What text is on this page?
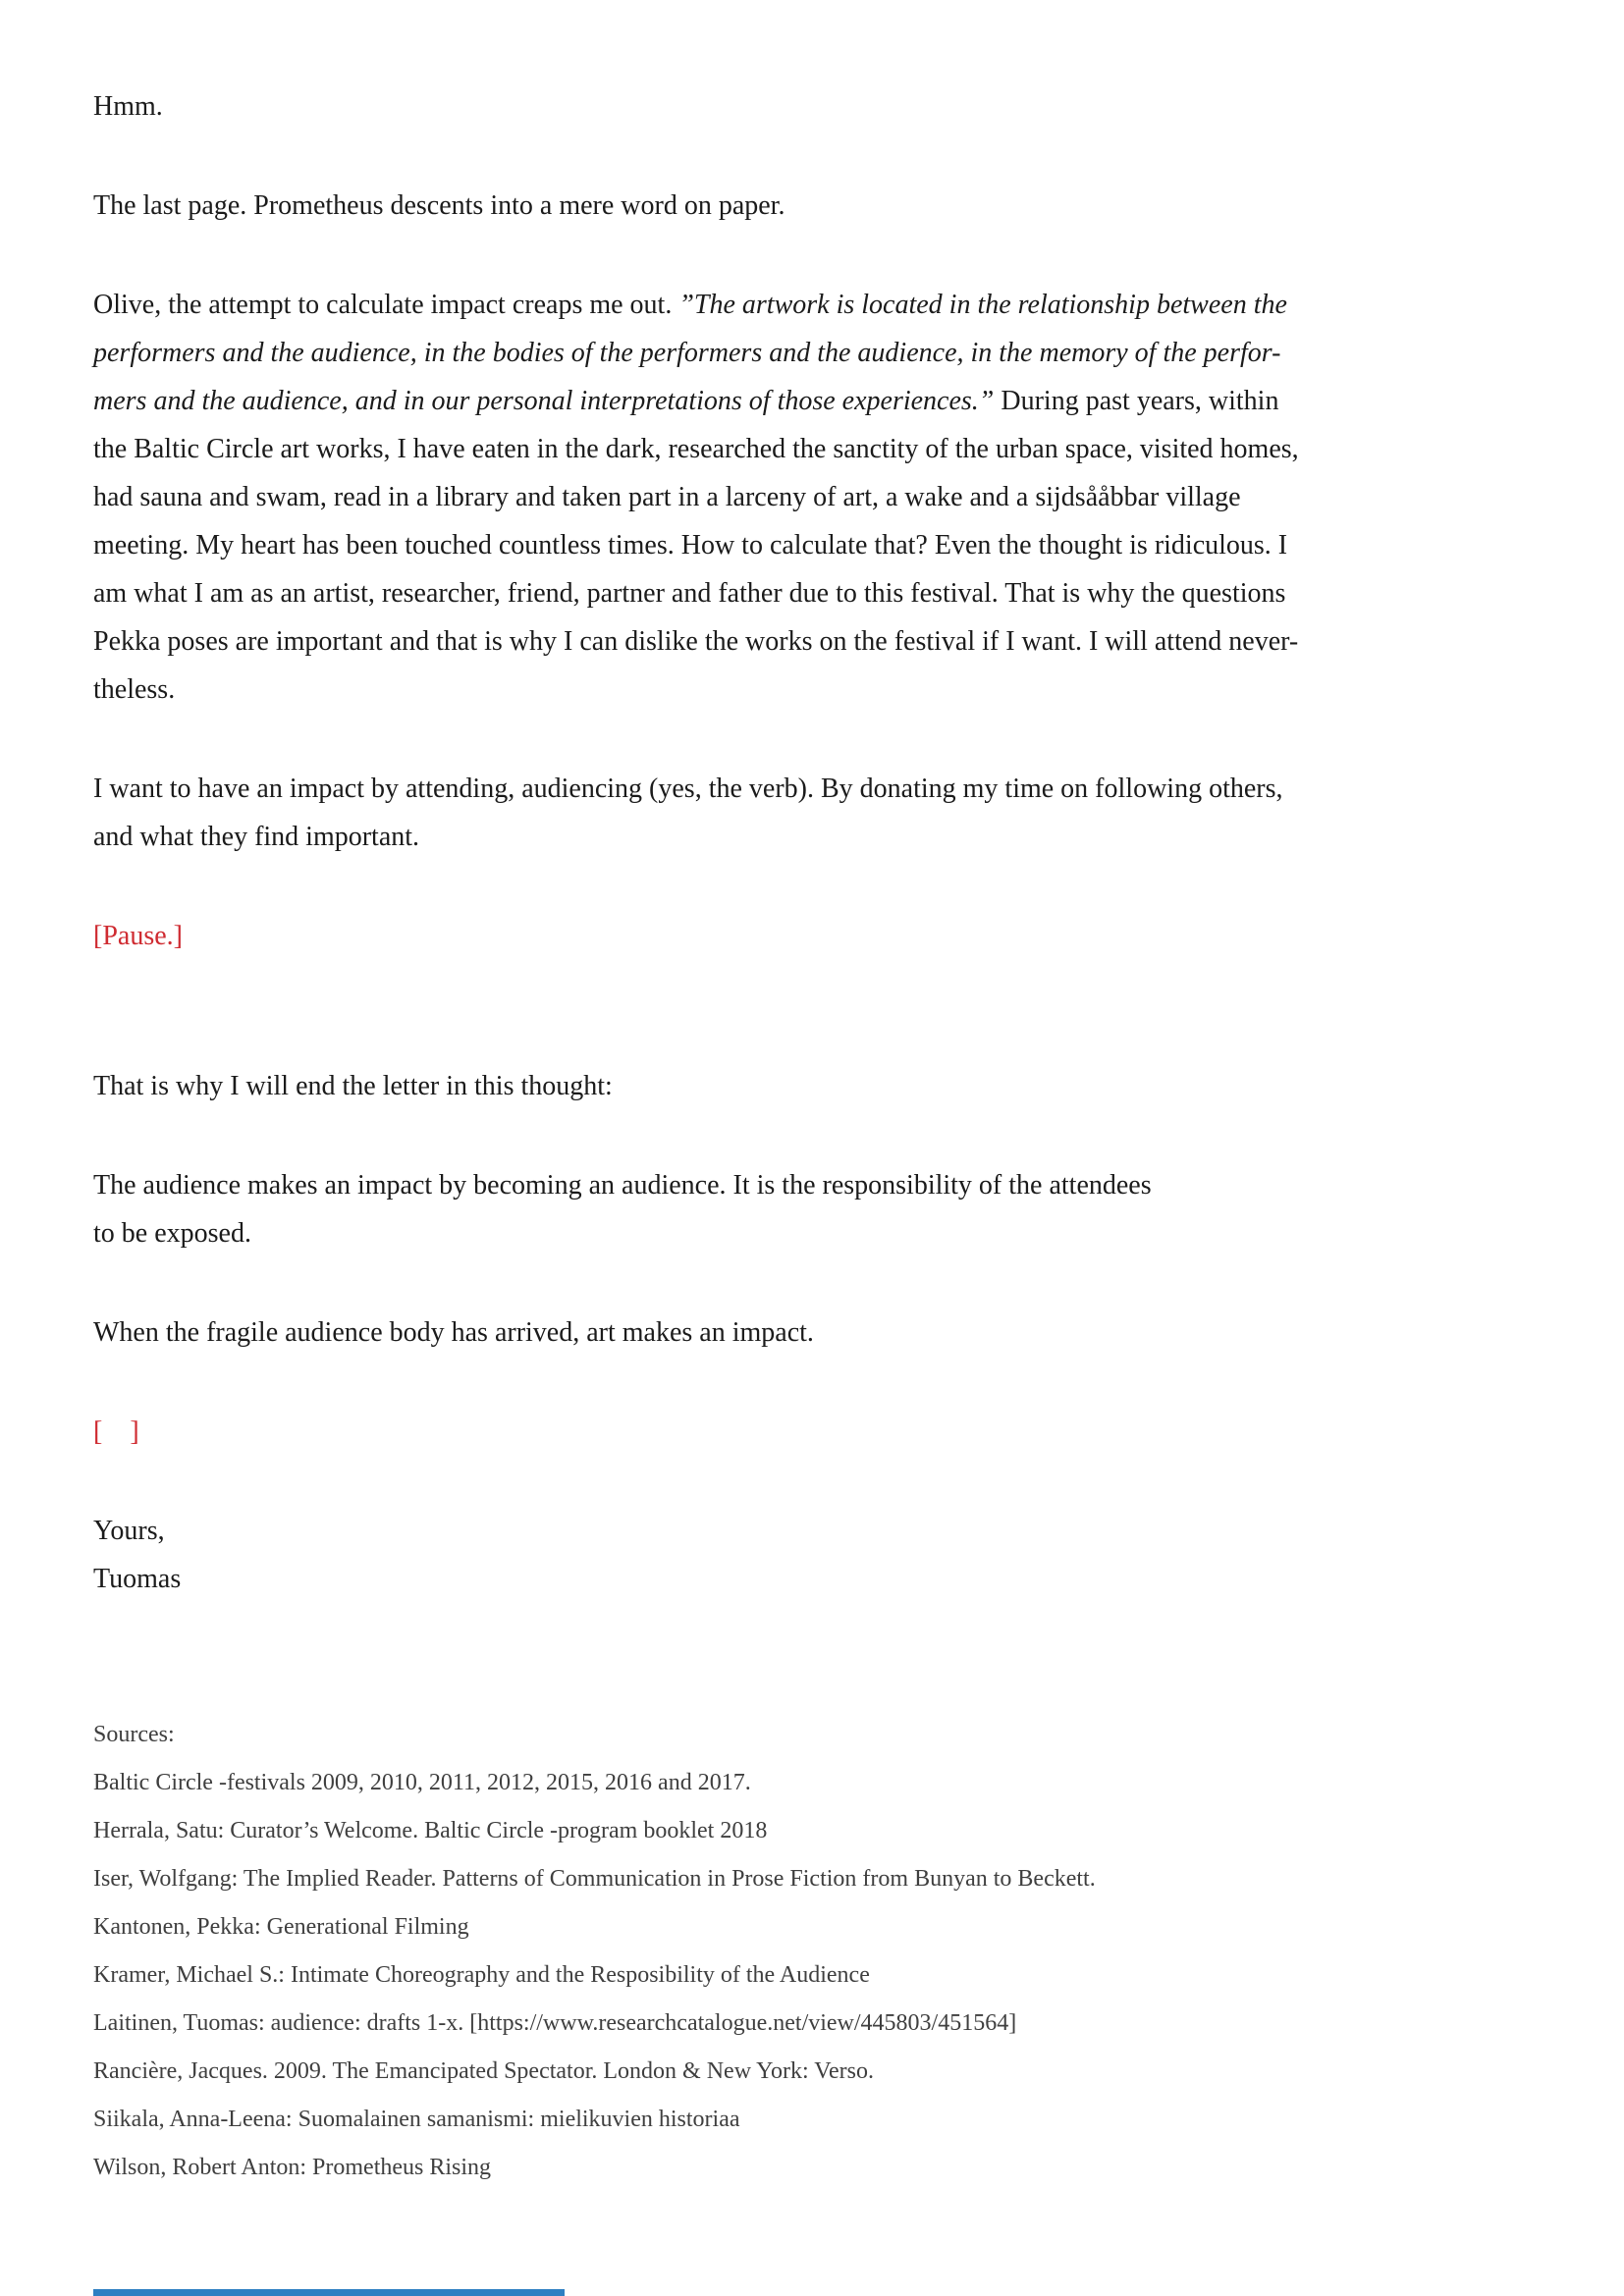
Hmm.

The last page. Prometheus descents into a mere word on paper.

Olive, the attempt to calculate impact creaps me out. ”The artwork is located in the relationship between the
performers and the audience, in the bodies of the performers and the audience, in the memory of the perfor-
mers and the audience, and in our personal interpretations of those experiences.” During past years, within
the Baltic Circle art works, I have eaten in the dark, researched the sanctity of the urban space, visited homes,
had sauna and swam, read in a library and taken part in a larceny of art, a wake and a sijdsååbbar village
meeting. My heart has been touched countless times. How to calculate that? Even the thought is ridiculous. I
am what I am as an artist, researcher, friend, partner and father due to this festival. That is why the questions
Pekka poses are important and that is why I can dislike the works on the festival if I want. I will attend never-
theless.

I want to have an impact by attending, audiencing (yes, the verb). By donating my time on following others,
and what they find important.

[Pause.]

That is why I will end the letter in this thought:

The audience makes an impact by becoming an audience. It is the responsibility of the attendees
to be exposed.

When the fragile audience body has arrived, art makes an impact.

[    ]

Yours,
Tuomas

Sources:
Baltic Circle -festivals 2009, 2010, 2011, 2012, 2015, 2016 and 2017.
Herrala, Satu: Curator’s Welcome. Baltic Circle -program booklet 2018
Iser, Wolfgang: The Implied Reader. Patterns of Communication in Prose Fiction from Bunyan to Beckett.
Kantonen, Pekka: Generational Filming
Kramer, Michael S.: Intimate Choreography and the Resposibility of the Audience
Laitinen, Tuomas: audience: drafts 1-x. [https://www.researchcatalogue.net/view/445803/451564]
Rancière, Jacques. 2009. The Emancipated Spectator. London & New York: Verso.
Siikala, Anna-Leena: Suomalainen samanismi: mielikuvien historiaa
Wilson, Robert Anton: Prometheus Rising
